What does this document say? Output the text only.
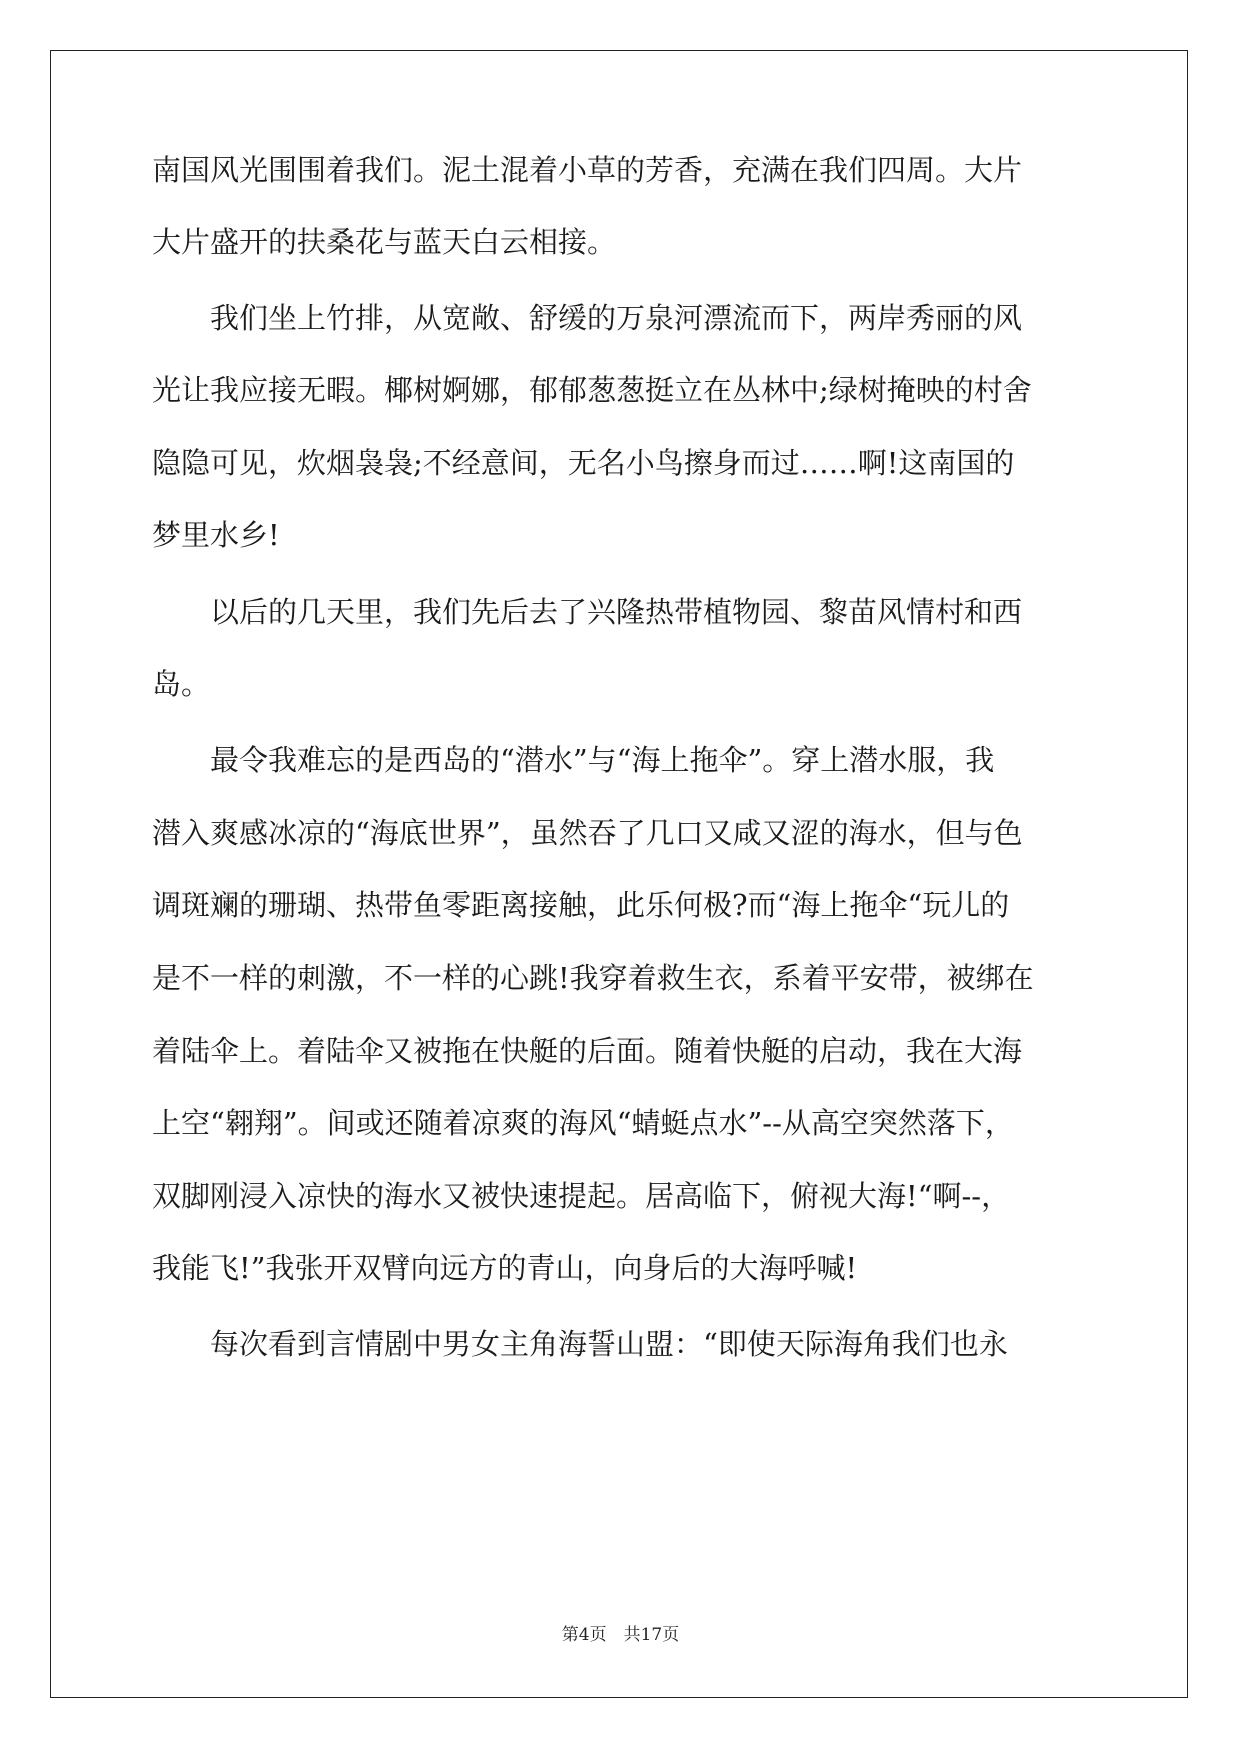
南国风光围围着我们。泥土混着小草的芳香，充满在我们四周。大片
大片盛开的扶桑花与蓝天白云相接。
　　我们坐上竹排，从宽敞、舒缓的万泉河漂流而下，两岸秀丽的风
光让我应接无暇。椰树婀娜，郁郁葱葱挺立在丛林中;绿树掩映的村舍
隐隐可见，炊烟袅袅;不经意间，无名小鸟擦身而过……啊!这南国的
梦里水乡!
　　以后的几天里，我们先后去了兴隆热带植物园、黎苗风情村和西
岛。
　　最令我难忘的是西岛的“潜水”与“海上拖伞”。穿上潜水服，我
潜入爽感冰凉的“海底世界”，虽然吞了几口又咸又涩的海水，但与色
调斑斓的珊瑚、热带鱼零距离接触，此乐何极?而“海上拖伞“玩儿的
是不一样的刺激，不一样的心跳!我穿着救生衣，系着平安带，被绑在
着陆伞上。着陆伞又被拖在快艇的后面。随着快艇的启动，我在大海
上空“翱翔”。间或还随着凉爽的海风“蜻蜓点水”--从高空突然落下，
双脚刚浸入凉快的海水又被快速提起。居高临下，俯视大海!“啊--，
我能飞!”我张开双臂向远方的青山，向身后的大海呼喊!
　　每次看到言情剧中男女主角海誓山盟：“即使天际海角我们也永
第4页　共17页
